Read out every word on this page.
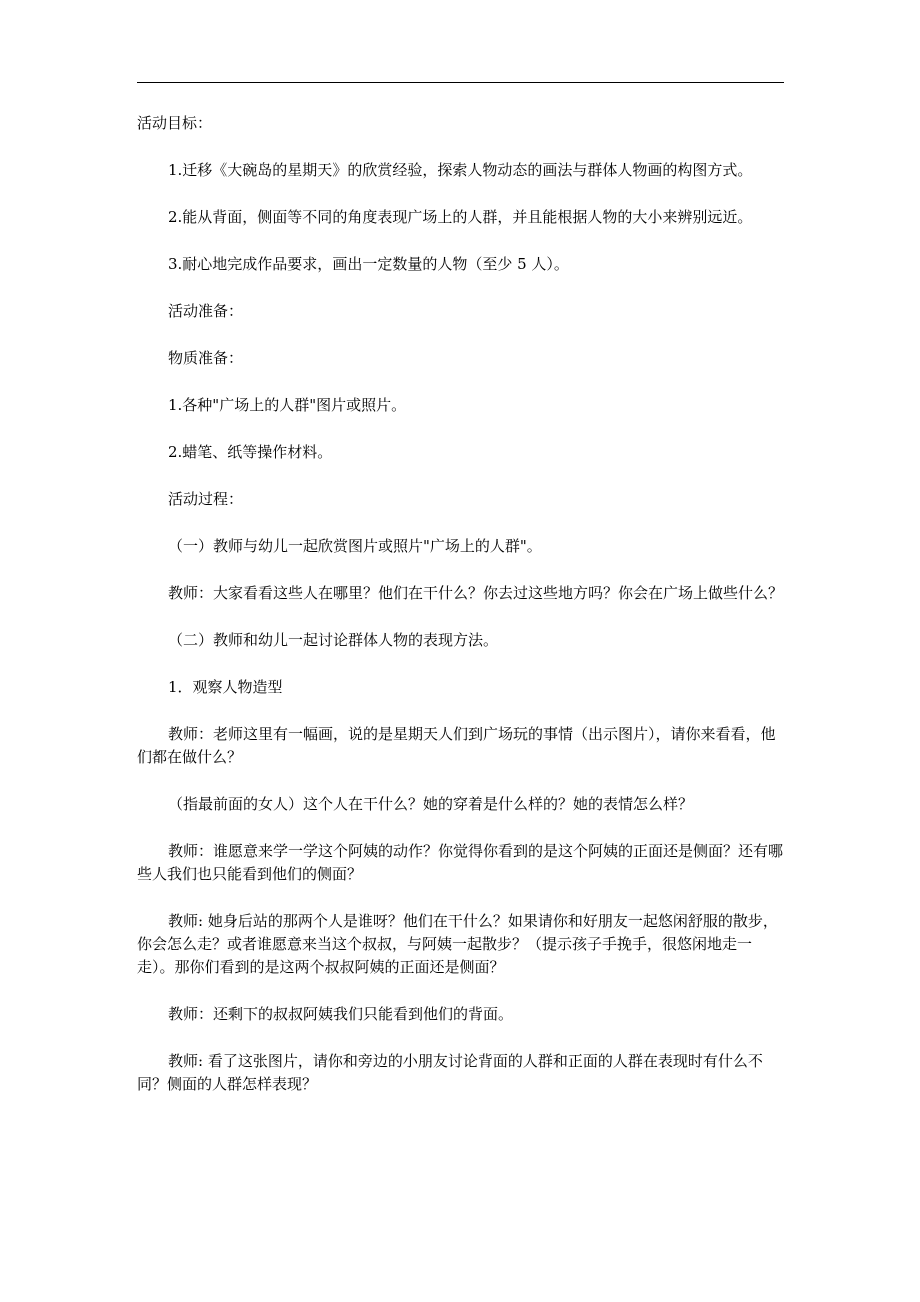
活动目标：

1.迁移《大碗岛的星期天》的欣赏经验，探索人物动态的画法与群体人物画的构图方式。

2.能从背面，侧面等不同的角度表现广场上的人群，并且能根据人物的大小来辨别远近。

3.耐心地完成作品要求，画出一定数量的人物（至少 5 人）。

活动准备：

物质准备：

1.各种"广场上的人群"图片或照片。

2.蜡笔、纸等操作材料。

活动过程：

（一）教师与幼儿一起欣赏图片或照片"广场上的人群"。

教师：大家看看这些人在哪里？他们在干什么？你去过这些地方吗？你会在广场上做些什么？

（二）教师和幼儿一起讨论群体人物的表现方法。

1．观察人物造型

教师：老师这里有一幅画，说的是星期天人们到广场玩的事情（出示图片），请你来看看，他们都在做什么？

（指最前面的女人）这个人在干什么？她的穿着是什么样的？她的表情怎么样？

教师：谁愿意来学一学这个阿姨的动作？你觉得你看到的是这个阿姨的正面还是侧面？还有哪些人我们也只能看到他们的侧面？

教师: 她身后站的那两个人是谁呀？他们在干什么？如果请你和好朋友一起悠闲舒服的散步，你会怎么走？或者谁愿意来当这个叔叔，与阿姨一起散步？（提示孩子手挽手，很悠闲地走一走）。那你们看到的是这两个叔叔阿姨的正面还是侧面？

教师：还剩下的叔叔阿姨我们只能看到他们的背面。

教师: 看了这张图片，请你和旁边的小朋友讨论背面的人群和正面的人群在表现时有什么不同？侧面的人群怎样表现？
